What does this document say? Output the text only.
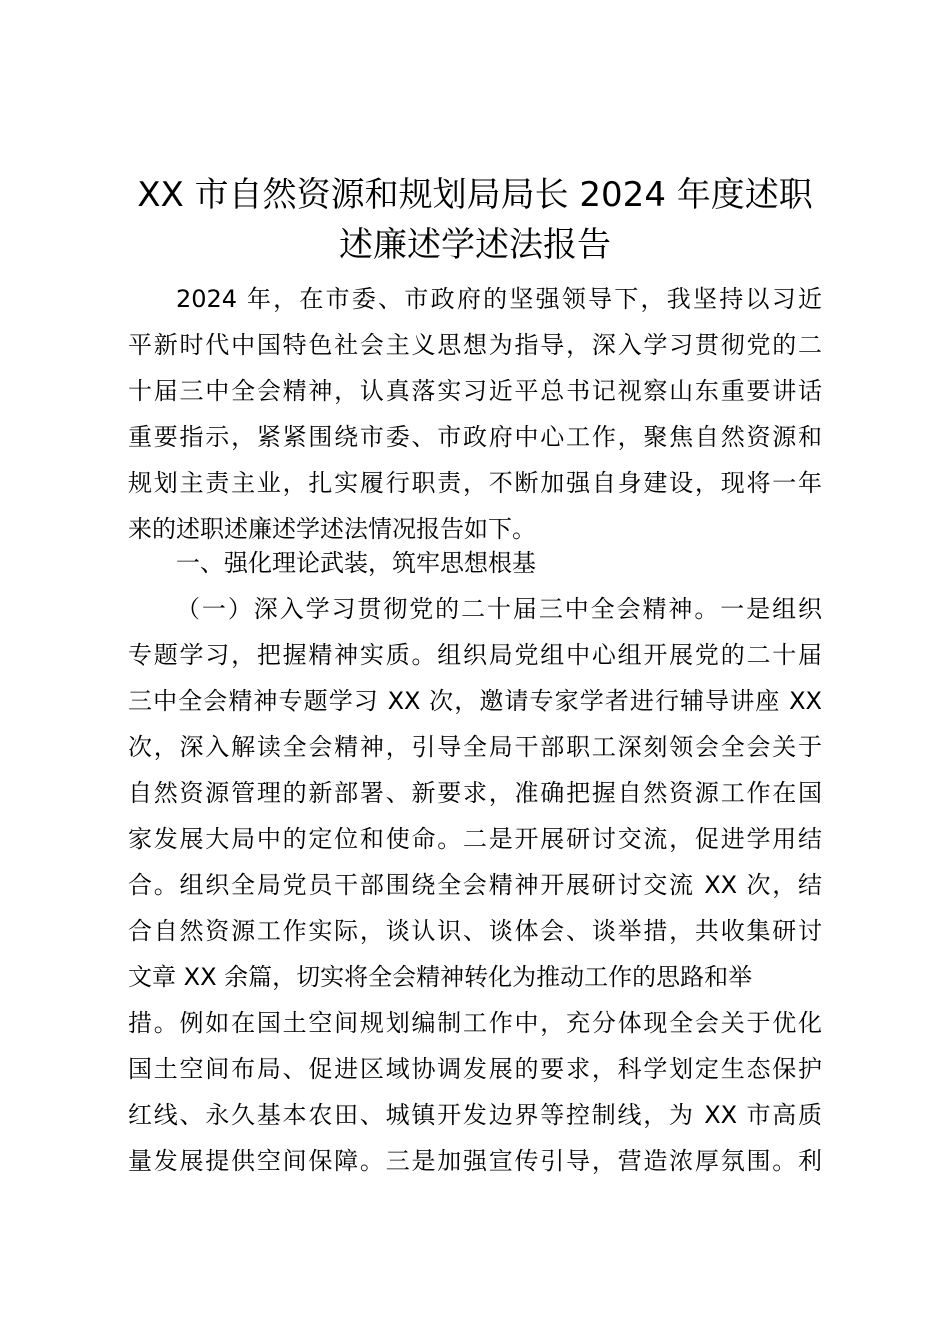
XX 市自然资源和规划局局长 2024 年度述职
述廉述学述法报告
2024 年，在市委、市政府的坚强领导下，我坚持以习近
平新时代中国特色社会主义思想为指导，深入学习贯彻党的二
十届三中全会精神，认真落实习近平总书记视察山东重要讲话
重要指示，紧紧围绕市委、市政府中心工作，聚焦自然资源和
规划主责主业，扎实履行职责，不断加强自身建设，现将一年
来的述职述廉述学述法情况报告如下。
一、强化理论武装，筑牢思想根基
（一）深入学习贯彻党的二十届三中全会精神。一是组织
专题学习，把握精神实质。组织局党组中心组开展党的二十届
三中全会精神专题学习 XX 次，邀请专家学者进行辅导讲座 XX
次，深入解读全会精神，引导全局干部职工深刻领会全会关于
自然资源管理的新部署、新要求，准确把握自然资源工作在国
家发展大局中的定位和使命。二是开展研讨交流，促进学用结
合。组织全局党员干部围绕全会精神开展研讨交流 XX 次，结
合自然资源工作实际，谈认识、谈体会、谈举措，共收集研讨
文章 XX 余篇，切实将全会精神转化为推动工作的思路和举
措。例如在国土空间规划编制工作中，充分体现全会关于优化
国土空间布局、促进区域协调发展的要求，科学划定生态保护
红线、永久基本农田、城镇开发边界等控制线，为 XX 市高质
量发展提供空间保障。三是加强宣传引导，营造浓厚氛围。利
